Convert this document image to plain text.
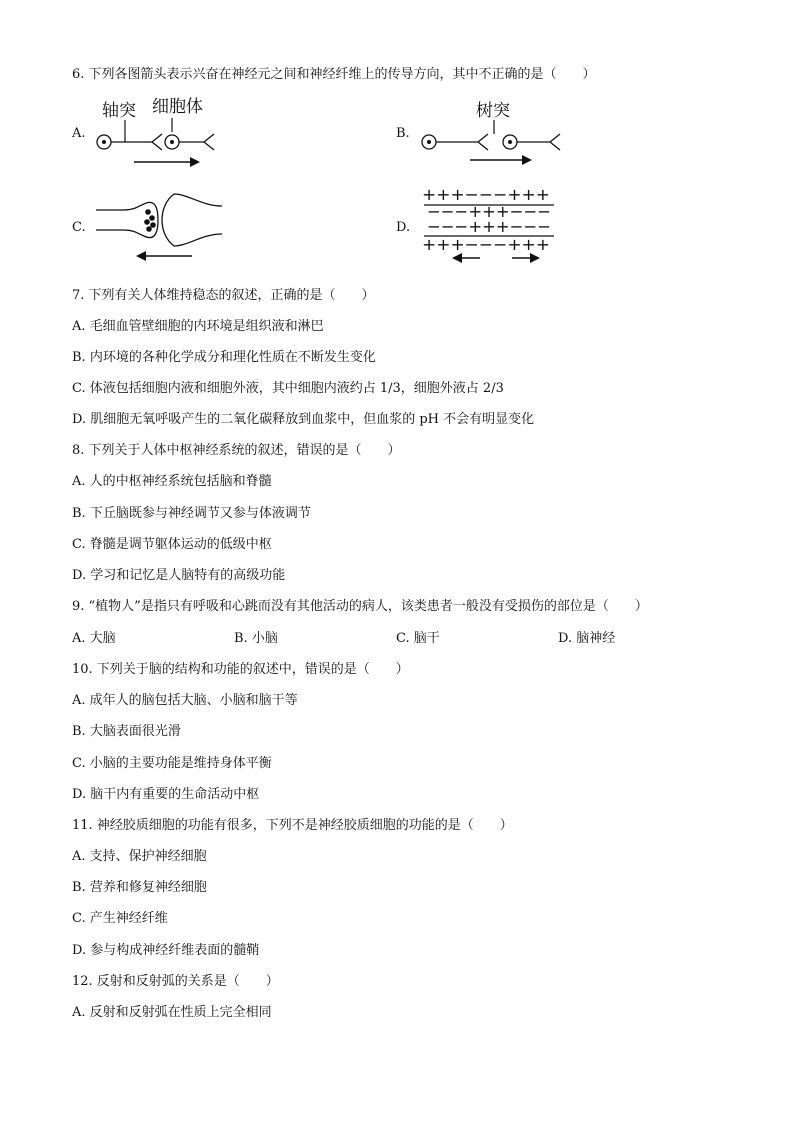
6. 下列各图箭头表示兴奋在神经元之间和神经纤维上的传导方向，其中不正确的是（　　）
A.
轴突 细胞体
B.
树突
C.	D.
+++−−−+++
−−−+++−−−
−−−+++−−−
+++−−−+++
7. 下列有关人体维持稳态的叙述，正确的是（　　）
A. 毛细血管壁细胞的内环境是组织液和淋巴
B. 内环境的各种化学成分和理化性质在不断发生变化
C. 体液包括细胞内液和细胞外液，其中细胞内液约占 1/3，细胞外液占 2/3
D. 肌细胞无氧呼吸产生的二氧化碳释放到血浆中，但血浆的 pH 不会有明显变化
8. 下列关于人体中枢神经系统的叙述，错误的是（　　）
A. 人的中枢神经系统包括脑和脊髓
B. 下丘脑既参与神经调节又参与体液调节
C. 脊髓是调节躯体运动的低级中枢
D. 学习和记忆是人脑特有的高级功能
9. “植物人”是指只有呼吸和心跳而没有其他活动的病人，该类患者一般没有受损伤的部位是（　　）
A. 大脑	B. 小脑	C. 脑干	D. 脑神经
10. 下列关于脑的结构和功能的叙述中，错误的是（　　）
A. 成年人的脑包括大脑、小脑和脑干等
B. 大脑表面很光滑
C. 小脑的主要功能是维持身体平衡
D. 脑干内有重要的生命活动中枢
11. 神经胶质细胞的功能有很多，下列不是神经胶质细胞的功能的是（　　）
A. 支持、保护神经细胞
B. 营养和修复神经细胞
C. 产生神经纤维
D. 参与构成神经纤维表面的髓鞘
12. 反射和反射弧的关系是（　　）
A. 反射和反射弧在性质上完全相同
